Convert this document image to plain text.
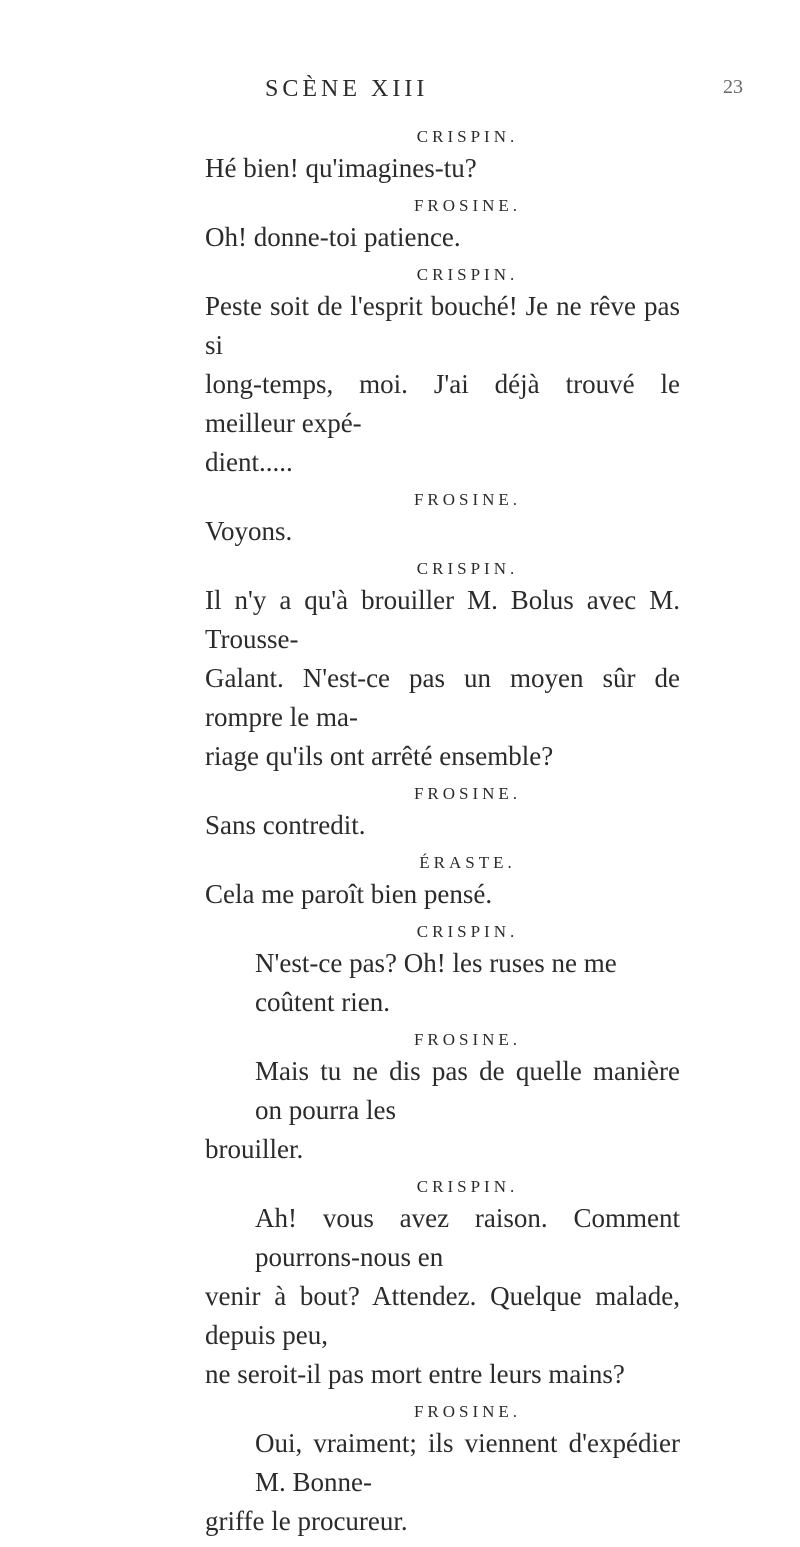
SCÈNE XIII	23

CRISPIN.

Hé bien! qu'imagines-tu?

FROSINE.

Oh! donne-toi patience.

CRISPIN.

Peste soit de l'esprit bouché! Je ne rêve pas si

long-temps, moi. J'ai déjà trouvé le meilleur expé-

dient.....

FROSINE.

Voyons.

CRISPIN.

Il n'y a qu'à brouiller M. Bolus avec M. Trousse-

Galant. N'est-ce pas un moyen sûr de rompre le ma-

riage qu'ils ont arrêté ensemble?

FROSINE.

Sans contredit.

ÉRASTE.

Cela me paroît bien pensé.

CRISPIN.

N'est-ce pas? Oh! les ruses ne me coûtent rien.

FROSINE.

Mais tu ne dis pas de quelle manière on pourra les

brouiller.

CRISPIN.

Ah! vous avez raison. Comment pourrons-nous en

venir à bout? Attendez. Quelque malade, depuis peu,

ne seroit-il pas mort entre leurs mains?

FROSINE.

Oui, vraiment; ils viennent d'expédier M. Bonne-

griffe le procureur.
